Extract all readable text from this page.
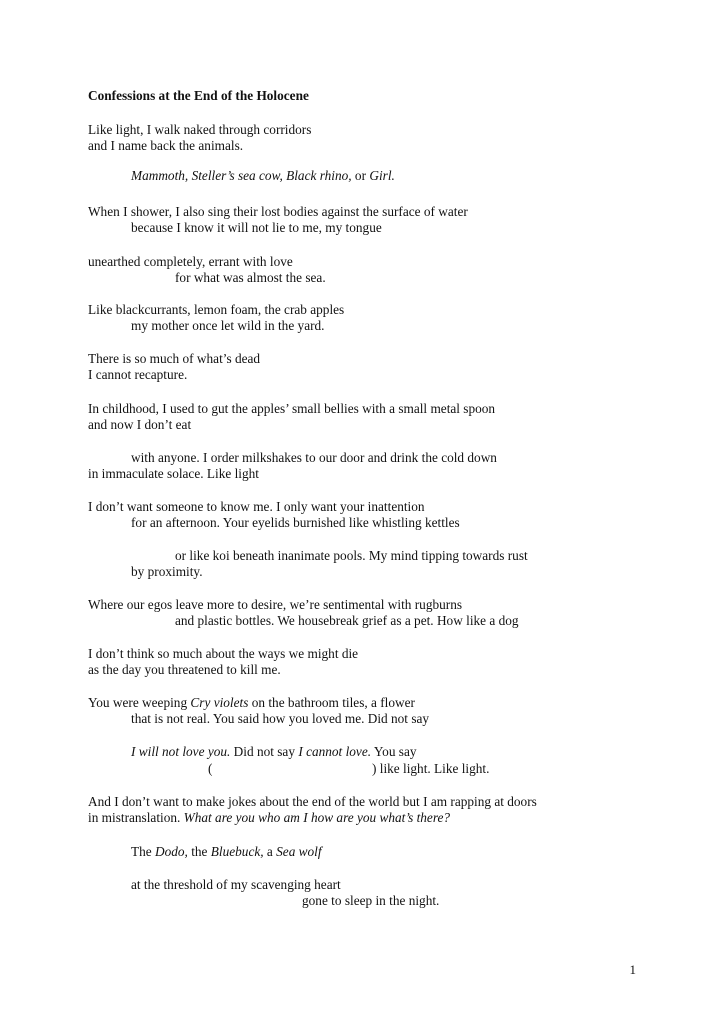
Confessions at the End of the Holocene
Like light, I walk naked through corridors
and I name back the animals.
Mammoth, Steller’s sea cow, Black rhino, or Girl.
When I shower, I also sing their lost bodies against the surface of water
because I know it will not lie to me, my tongue
unearthed completely, errant with love
for what was almost the sea.
Like blackcurrants, lemon foam, the crab apples
my mother once let wild in the yard.
There is so much of what’s dead
I cannot recapture.
In childhood, I used to gut the apples’ small bellies with a small metal spoon
and now I don’t eat
with anyone. I order milkshakes to our door and drink the cold down
in immaculate solace. Like light
I don’t want someone to know me. I only want your inattention
for an afternoon. Your eyelids burnished like whistling kettles
or like koi beneath inanimate pools. My mind tipping towards rust
by proximity.
Where our egos leave more to desire, we’re sentimental with rugburns
and plastic bottles. We housebreak grief as a pet. How like a dog
I don’t think so much about the ways we might die
as the day you threatened to kill me.
You were weeping Cry violets on the bathroom tiles, a flower
that is not real. You said how you loved me. Did not say
I will not love you. Did not say I cannot love. You say
(	) like light. Like light.
And I don’t want to make jokes about the end of the world but I am rapping at doors
in mistranslation. What are you who am I how are you what’s there?
The Dodo, the Bluebuck, a Sea wolf
at the threshold of my scavenging heart
gone to sleep in the night.
1
